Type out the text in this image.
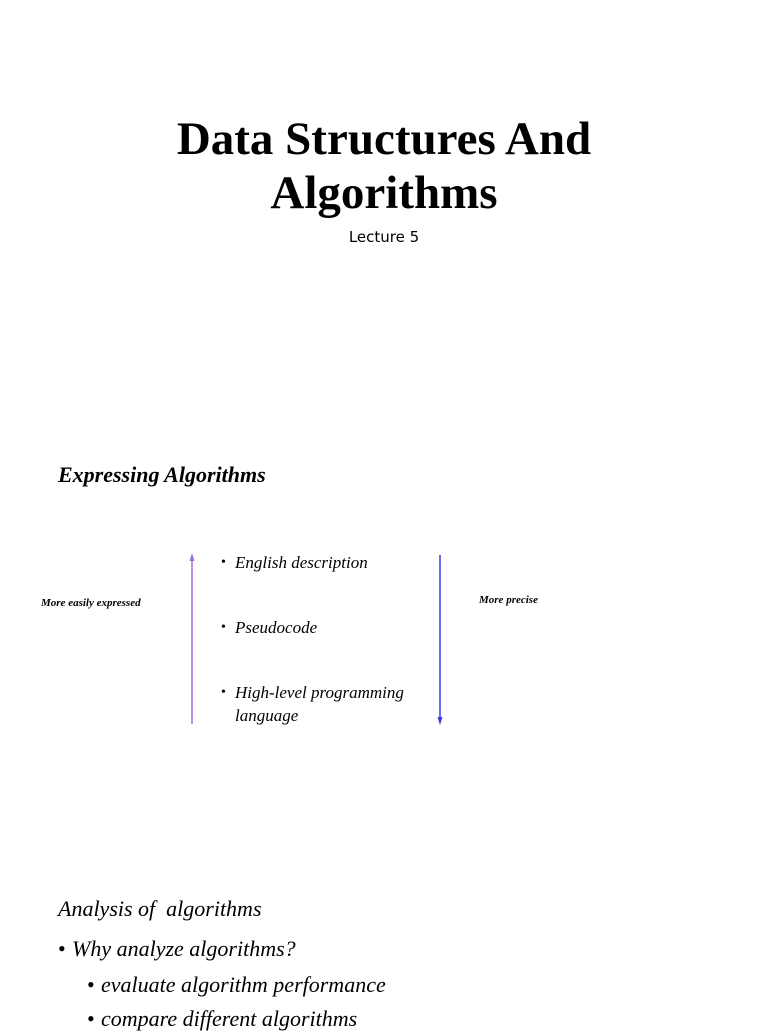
Data Structures And
Algorithms
Lecture 5
Expressing Algorithms
More easily expressed	More precise
• English description
• Pseudocode
• High-level programming language
Analysis of  algorithms
• Why analyze algorithms?
• evaluate algorithm performance
• compare different algorithms
